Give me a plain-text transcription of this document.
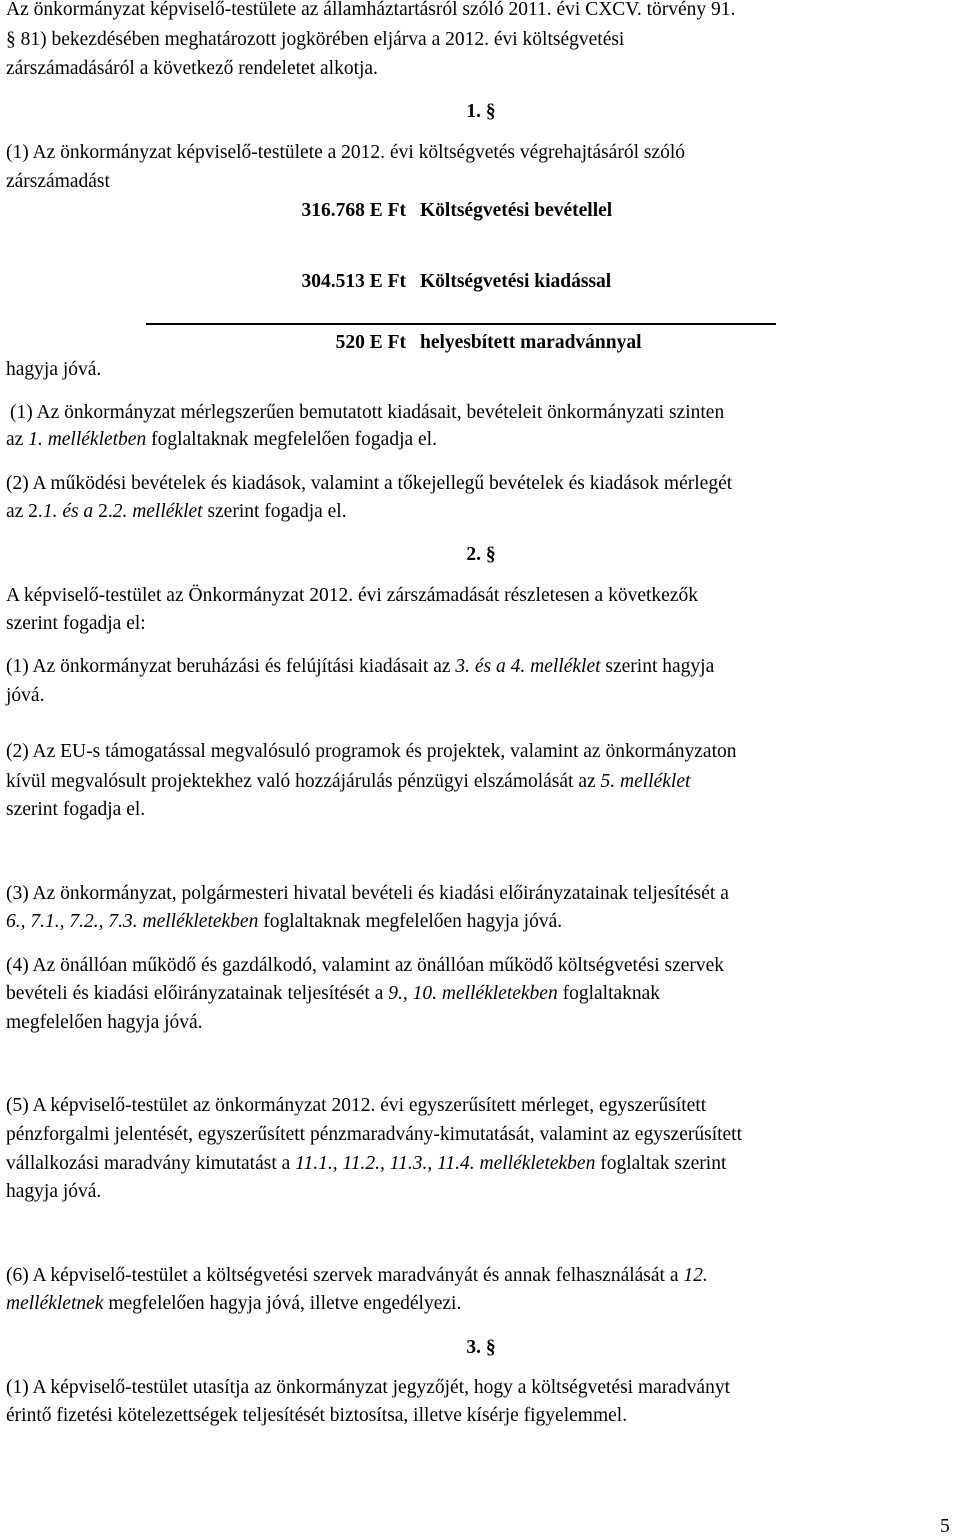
Az önkormányzat képviselő-testülete az államháztartásról szóló 2011. évi CXCV. törvény 91.
§ 81) bekezdésében meghatározott jogkörében eljárva a 2012. évi költségvetési
zárszámadásáról a következő rendeletet alkotja.
1. §
(1) Az önkormányzat képviselő-testülete a 2012. évi költségvetés végrehajtásáról szóló
zárszámadást
316.768 E Ft Költségvetési bevétellel
304.513 E Ft Költségvetési kiadással
520 E Ft helyesbített maradvánnyal
hagyja jóvá.
(1) Az önkormányzat mérlegszerűen bemutatott kiadásait, bevételeit önkormányzati szinten
az 1. mellékletben foglaltaknak megfelelően fogadja el.
(2) A működési bevételek és kiadások, valamint a tőkejellegű bevételek és kiadások mérlegét
az 2.1. és a 2.2. melléklet szerint fogadja el.
2. §
A képviselő-testület az Önkormányzat 2012. évi zárszámadását részletesen a következők
szerint fogadja el:
(1) Az önkormányzat beruházási és felújítási kiadásait az 3. és a 4. melléklet szerint hagyja
jóvá.
(2) Az EU-s támogatással megvalósuló programok és projektek, valamint az önkormányzaton
kívül megvalósult projektekhez való hozzájárulás pénzügyi elszámolását az 5. melléklet
szerint fogadja el.
(3) Az önkormányzat, polgármesteri hivatal bevételi és kiadási előirányzatainak teljesítését a
6., 7.1., 7.2., 7.3. mellékletekben foglaltaknak megfelelően hagyja jóvá.
(4) Az önállóan működő és gazdálkodó, valamint az önállóan működő költségvetési szervek
bevételi és kiadási előirányzatainak teljesítését a 9., 10. mellékletekben foglaltaknak
megfelelően hagyja jóvá.
(5) A képviselő-testület az önkormányzat 2012. évi egyszerűsített mérleget, egyszerűsített
pénzforgalmi jelentését, egyszerűsített pénzmaradvány-kimutatását, valamint az egyszerűsített
vállalkozási maradvány kimutatást a 11.1., 11.2., 11.3., 11.4. mellékletekben foglaltak szerint
hagyja jóvá.
(6) A képviselő-testület a költségvetési szervek maradványát és annak felhasználását a 12.
mellékletnek megfelelően hagyja jóvá, illetve engedélyezi.
3. §
(1) A képviselő-testület utasítja az önkormányzat jegyzőjét, hogy a költségvetési maradványt
érintő fizetési kötelezettségek teljesítését biztosítsa, illetve kísérje figyelemmel.
5
